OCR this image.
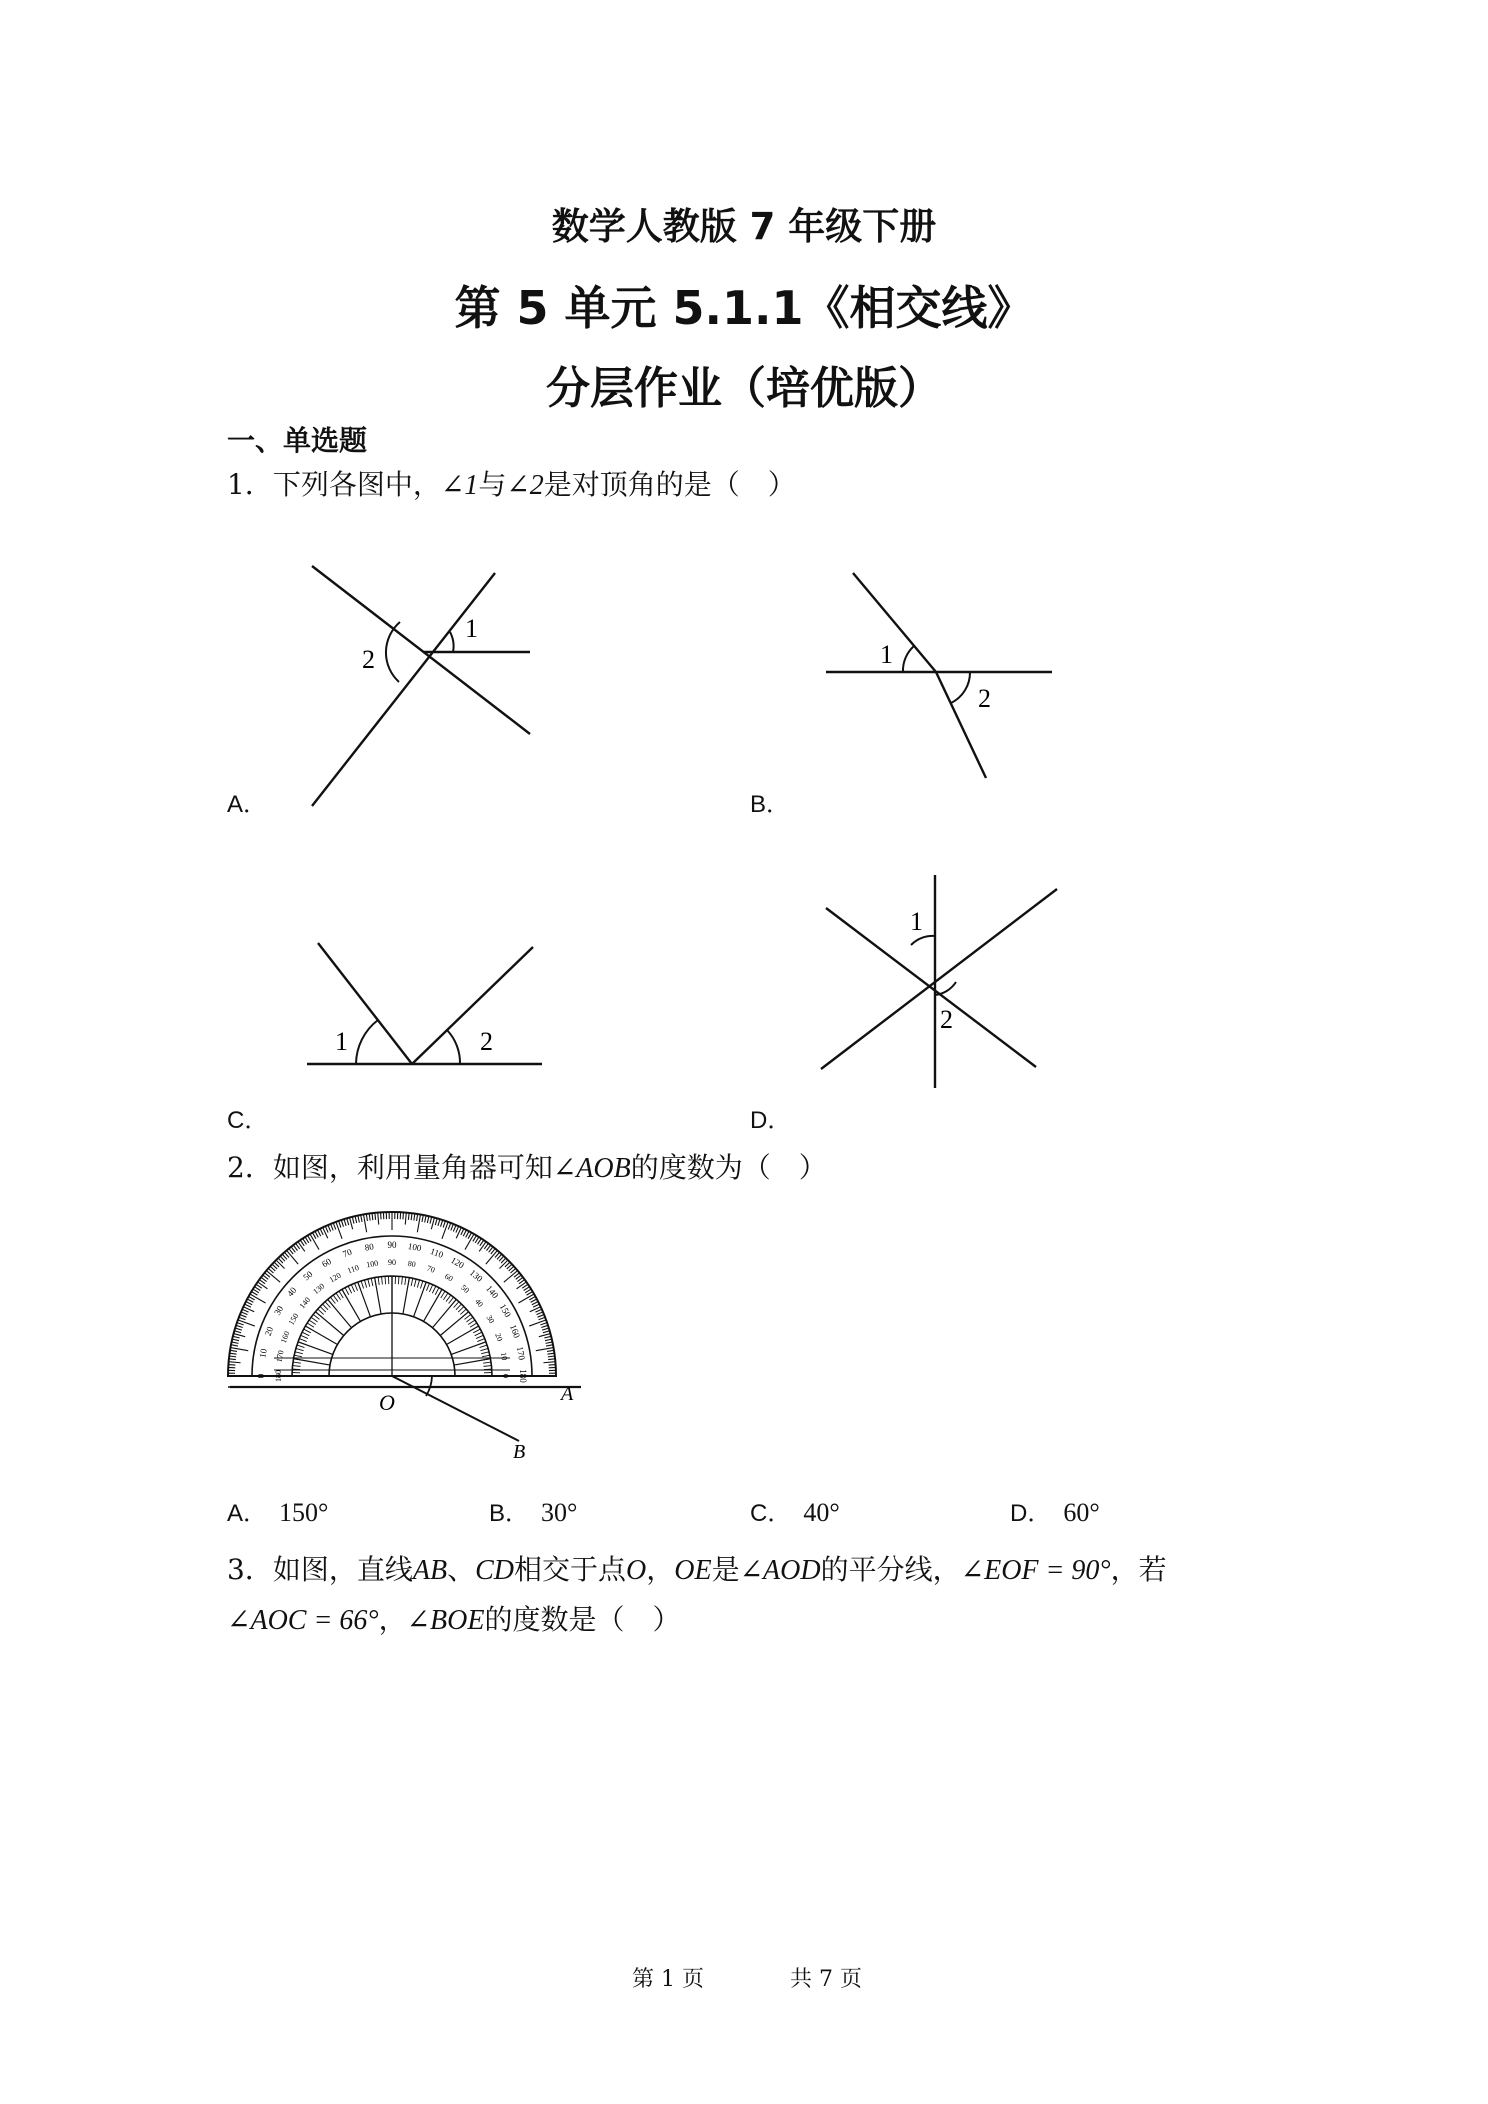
数学人教版 7 年级下册
第 5 单元 5.1.1《相交线》
分层作业（培优版）
一、单选题
1．下列各图中，∠1与∠2是对顶角的是（　）
1
2
A．
1
2
B．
1	2
C．
1
2
D．
2．如图，利用量角器可知∠AOB的度数为（　）
0	0
10	10
20	20
30
30
40
40
50
50
60
60
70
70
80
80
90
90
100
100
110
110	120
120	130
130	140
140	150
150
160
160
170
170
180
180
O	A
B
A． 150°	B． 30°	C． 40°	D． 60°
3．如图，直线AB、CD相交于点O，OE是∠AOD的平分线，∠EOF = 90°，若
∠AOC = 66°，∠BOE的度数是（　）
第 1 页	共 7 页
